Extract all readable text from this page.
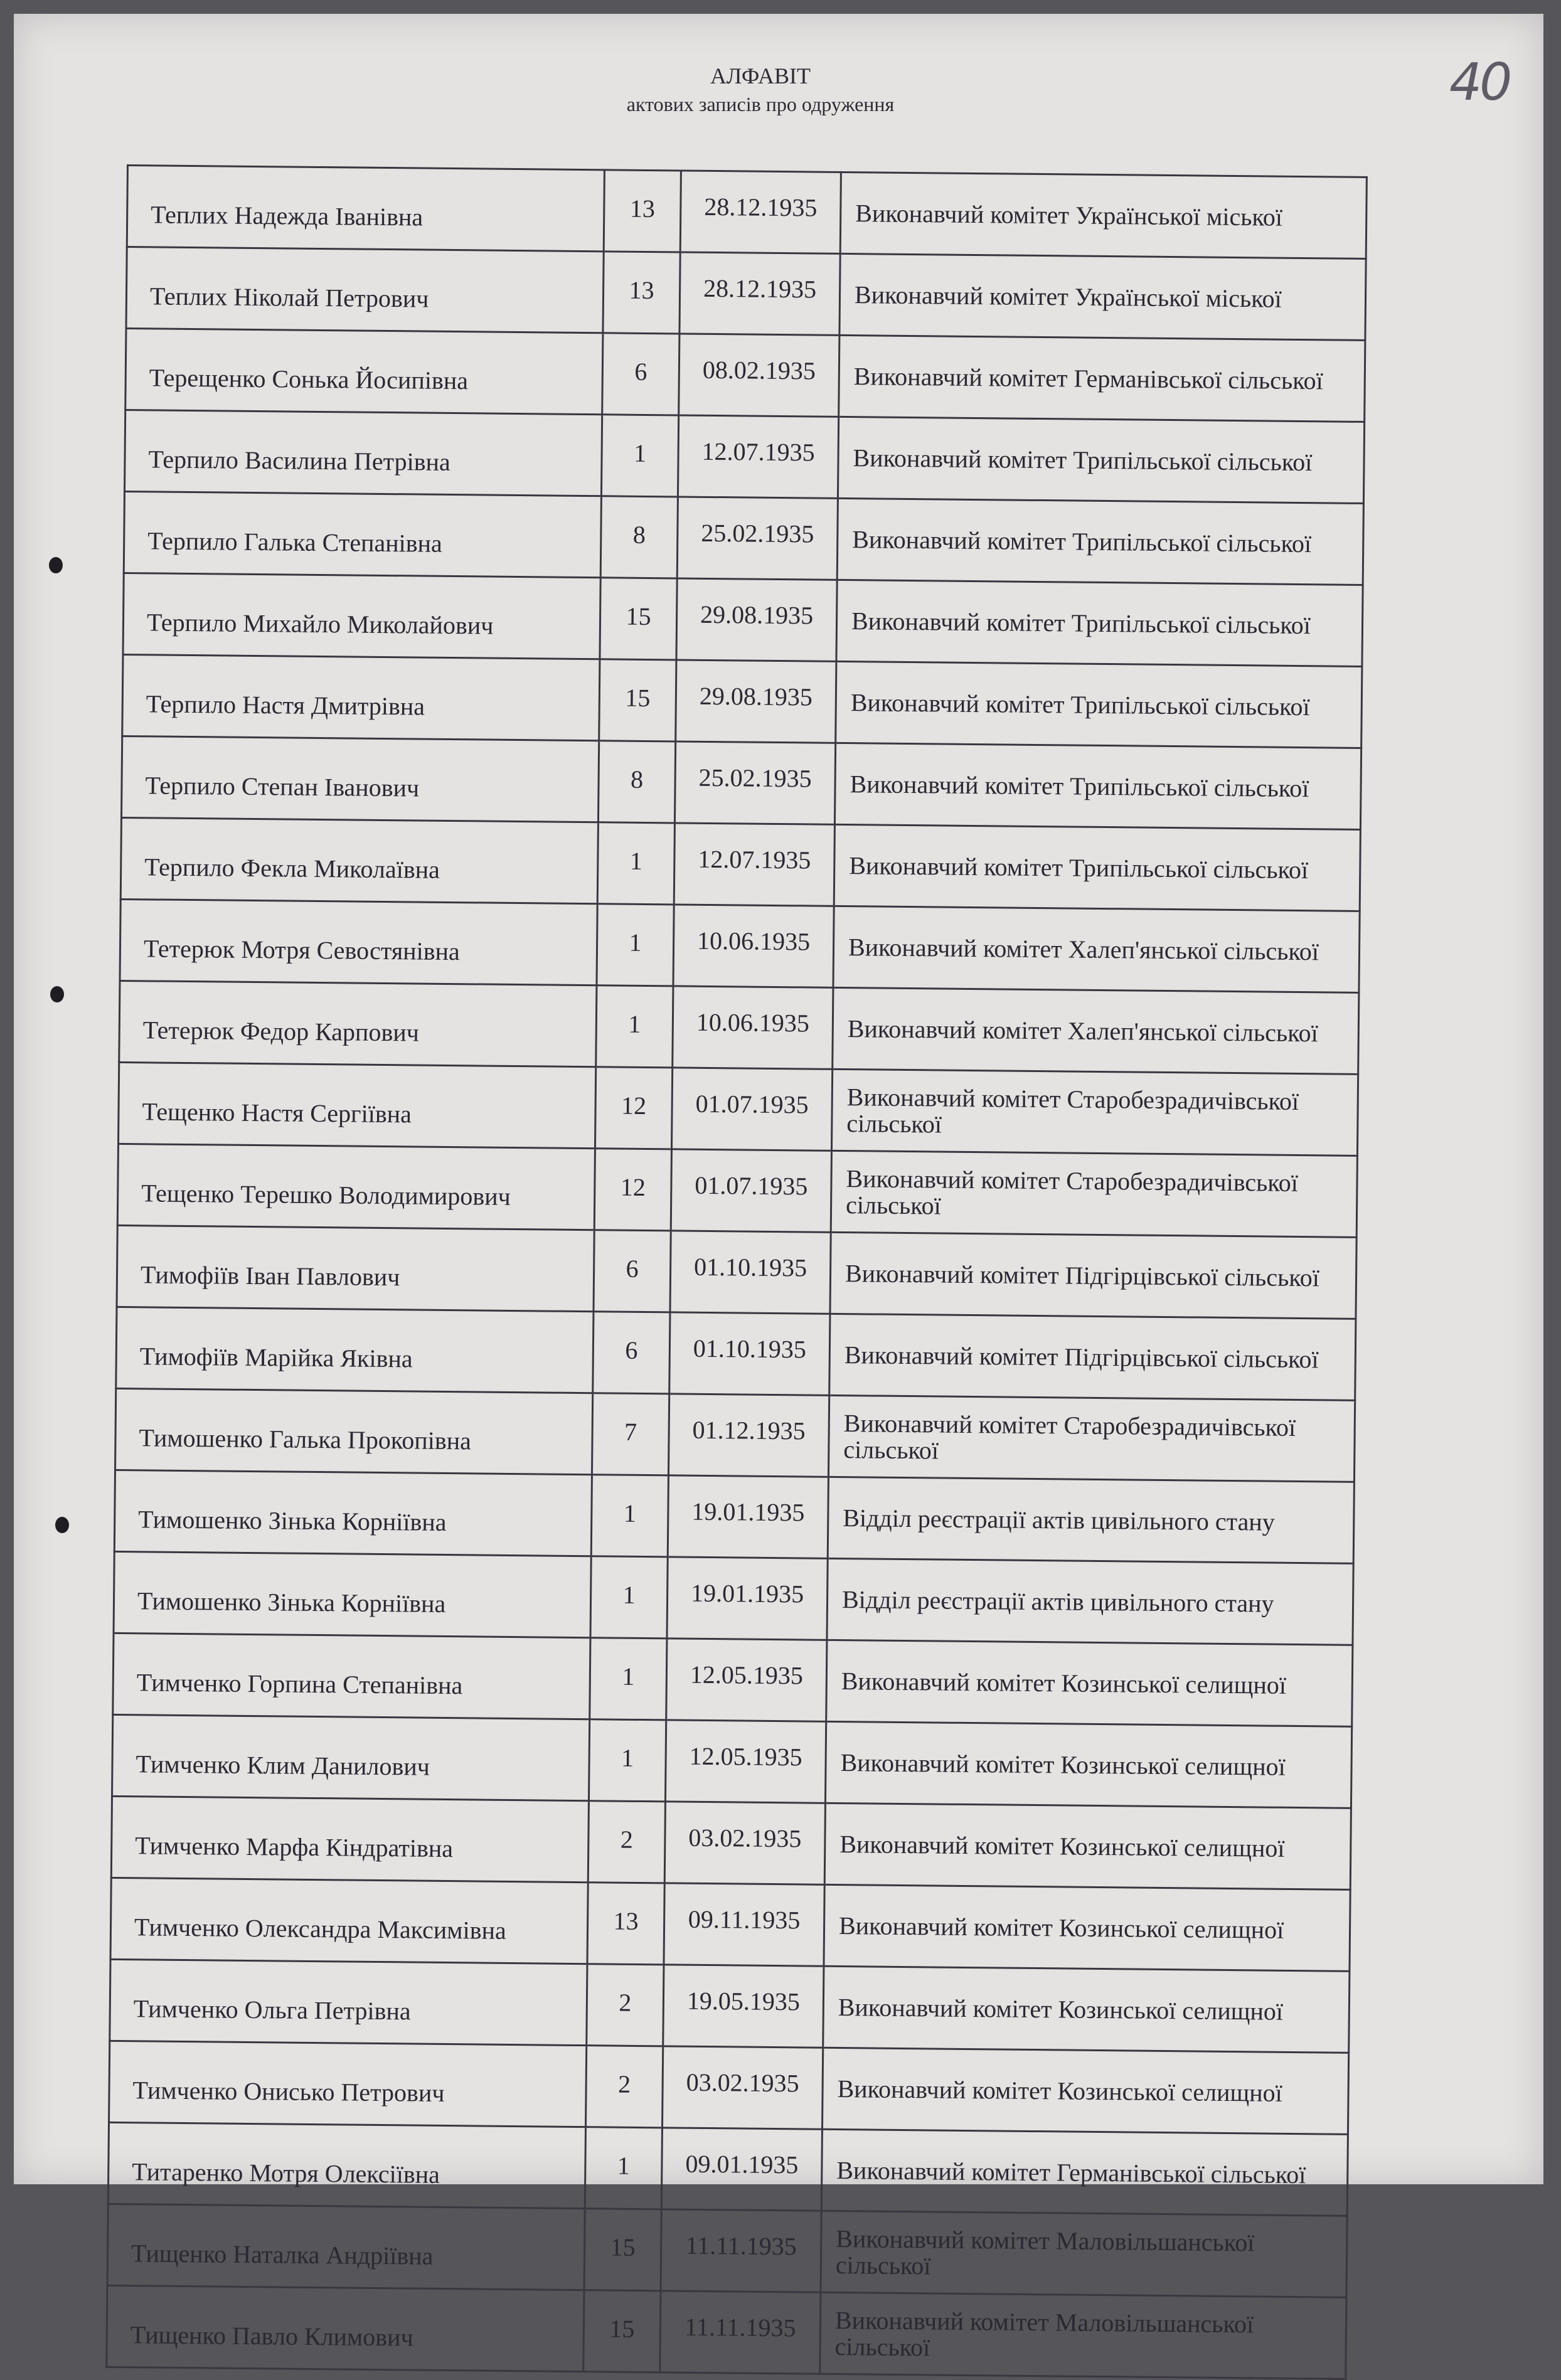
40
АЛФАВІТ
актових записів про одруження
Теплих Надежда Іванівна	13	28.12.1935	Виконавчий комітет Української міської
Теплих Ніколай Петрович	13	28.12.1935	Виконавчий комітет Української міської
Терещенко Сонька Йосипівна	6	08.02.1935	Виконавчий комітет Германівської сільської
Терпило Василина Петрівна	1	12.07.1935	Виконавчий комітет Трипільської сільської
Терпило Галька Степанівна	8	25.02.1935	Виконавчий комітет Трипільської сільської
Терпило Михайло Миколайович	15	29.08.1935	Виконавчий комітет Трипільської сільської
Терпило Настя Дмитрівна	15	29.08.1935	Виконавчий комітет Трипільської сільської
Терпило Степан Іванович	8	25.02.1935	Виконавчий комітет Трипільської сільської
Терпило Фекла Миколаївна	1	12.07.1935	Виконавчий комітет Трипільської сільської
Тетерюк Мотря Севостянівна	1	10.06.1935	Виконавчий комітет Халеп'янської сільської
Тетерюк Федор Карпович	1	10.06.1935	Виконавчий комітет Халеп'янської сільської
Тещенко Настя Сергіївна	12	01.07.1935	Виконавчий комітет Старобезрадичівської сільської
Тещенко Терешко Володимирович	12	01.07.1935	Виконавчий комітет Старобезрадичівської сільської
Тимофіїв Іван Павлович	6	01.10.1935	Виконавчий комітет Підгірцівської сільської
Тимофіїв Марійка Яківна	6	01.10.1935	Виконавчий комітет Підгірцівської сільської
Тимошенко Галька Прокопівна	7	01.12.1935	Виконавчий комітет Старобезрадичівської сільської
Тимошенко Зінька Корніївна	1	19.01.1935	Відділ реєстрації актів цивільного стану
Тимошенко Зінька Корніївна	1	19.01.1935	Відділ реєстрації актів цивільного стану
Тимченко Горпина Степанівна	1	12.05.1935	Виконавчий комітет Козинської селищної
Тимченко Клим Данилович	1	12.05.1935	Виконавчий комітет Козинської селищної
Тимченко Марфа Кіндратівна	2	03.02.1935	Виконавчий комітет Козинської селищної
Тимченко Олександра Максимівна	13	09.11.1935	Виконавчий комітет Козинської селищної
Тимченко Ольга Петрівна	2	19.05.1935	Виконавчий комітет Козинської селищної
Тимченко Онисько Петрович	2	03.02.1935	Виконавчий комітет Козинської селищної
Титаренко Мотря Олексіївна	1	09.01.1935	Виконавчий комітет Германівської сільської
Тищенко Наталка Андріївна	15	11.11.1935	Виконавчий комітет Маловільшанської сільської
Тищенко Павло Климович	15	11.11.1935	Виконавчий комітет Маловільшанської сільської
